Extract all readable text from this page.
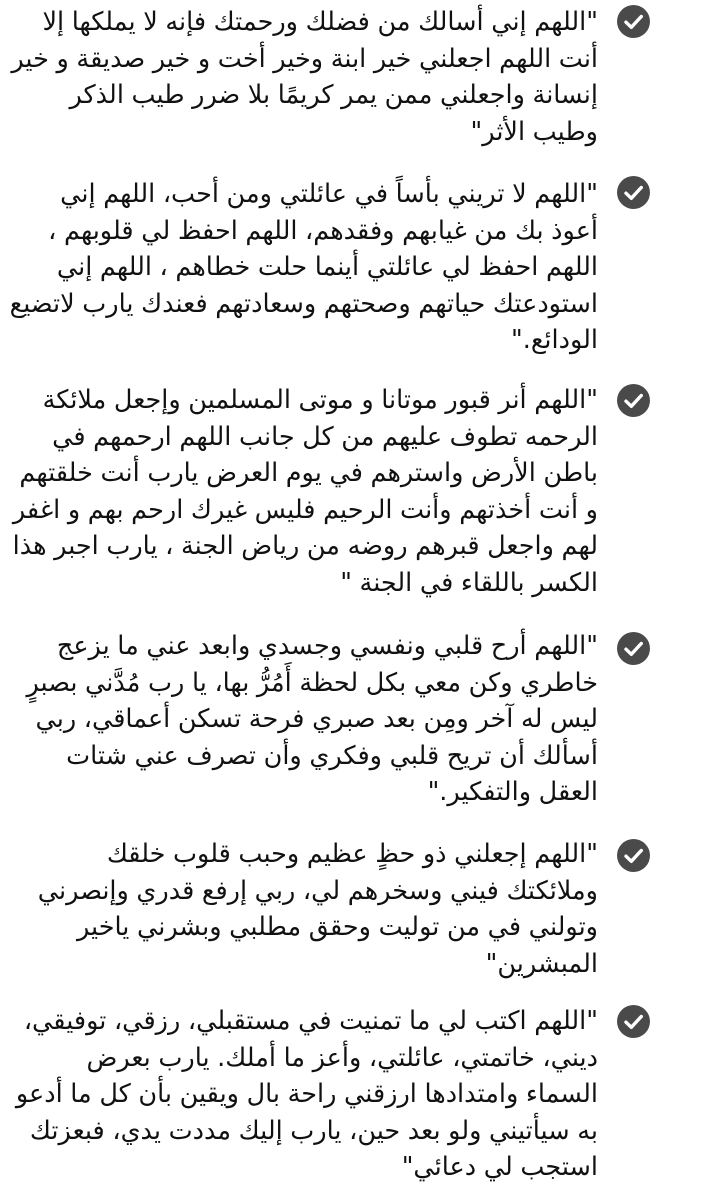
"اللهم إني أسالك من فضلك ورحمتك فإنه لا يملكها إلا أنت اللهم اجعلني خير ابنة وخير أخت و خير صديقة و خير إنسانة واجعلني ممن يمر كريمًا بلا ضرر طيب الذكر وطيب الأثر"

"اللهم لا تريني بأساً في عائلتي ومن أحب، اللهم إني أعوذ بك من غيابهم وفقدهم، اللهم احفظ لي قلوبهم ، اللهم احفظ لي عائلتي أينما حلت خطاهم ، اللهم إني استودعتك حياتهم وصحتهم وسعادتهم فعندك يارب لاتضيع الودائع."

"اللهم أنر قبور موتانا و موتى المسلمين وإجعل ملائكة الرحمه تطوف عليهم من كل جانب اللهم ارحمهم في باطن الأرض واسترهم في يوم العرض يارب أنت خلقتهم و أنت أخذتهم وأنت الرحيم فليس غيرك ارحم بهم و اغفر لهم واجعل قبرهم روضه من رياض الجنة ، يارب اجبر هذا الكسر باللقاء في الجنة "

"اللهم أرح قلبي ونفسي وجسدي وابعد عني ما يزعج خاطري وكن معي بكل لحظة أَمُرُّ بها، يا رب مُدَّني بصبرٍ ليس له آخر ومِن بعد صبري فرحة تسكن أعماقي، ربي أسألك أن تريح قلبي وفكري وأن تصرف عني شتات العقل والتفكير."

"اللهم إجعلني ذو حظٍ عظيم وحبب قلوب خلقك وملائكتك فيني وسخرهم لي، ربي إرفع قدري وإنصرني وتولني في من توليت وحقق مطلبي وبشرني ياخير المبشرين"

"اللهم اكتب لي ما تمنيت في مستقبلي، رزقي، توفيقي، ديني، خاتمتي، عائلتي، وأعز ما أملك. يارب بعرض السماء وامتدادها ارزقني راحة بال ويقين بأن كل ما أدعو به سيأتيني ولو بعد حين، يارب إليك مددت يدي، فبعزتك استجب لي دعائي"
